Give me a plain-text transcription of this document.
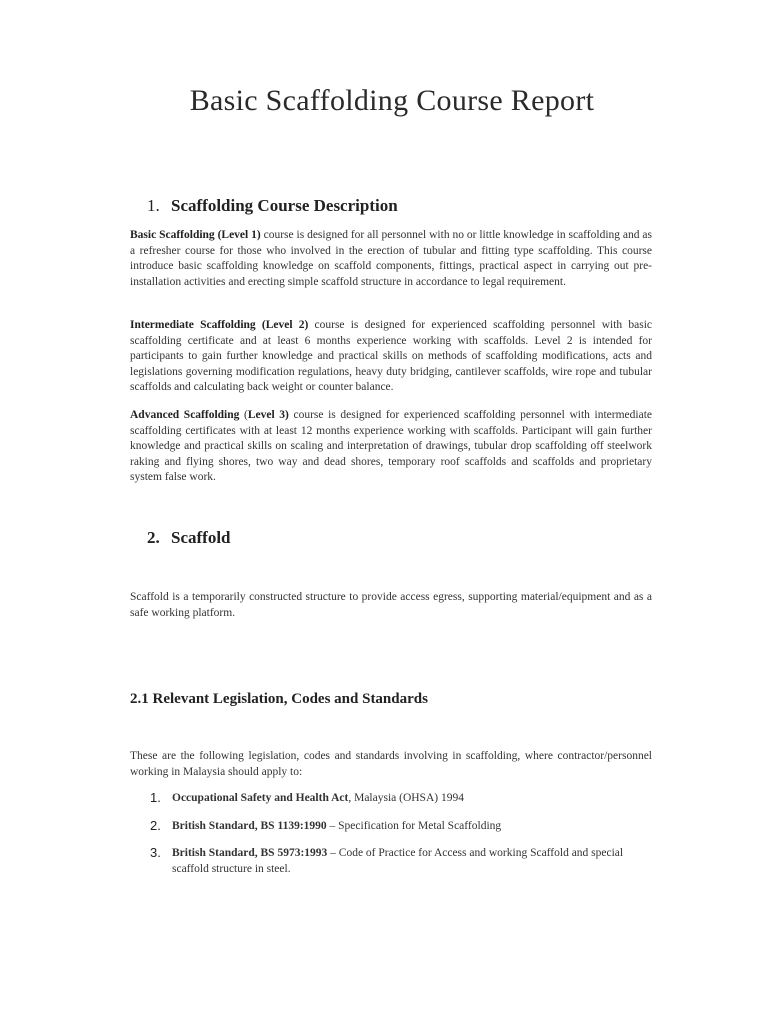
Basic Scaffolding Course Report
1. Scaffolding Course Description

Basic Scaffolding (Level 1) course is designed for all personnel with no or little knowledge in scaffolding and as a refresher course for those who involved in the erection of tubular and fitting type scaffolding. This course introduce basic scaffolding knowledge on scaffold components, fittings, practical aspect in carrying out pre-installation activities and erecting simple scaffold structure in accordance to legal requirement.

Intermediate Scaffolding (Level 2) course is designed for experienced scaffolding personnel with basic scaffolding certificate and at least 6 months experience working with scaffolds. Level 2 is intended for participants to gain further knowledge and practical skills on methods of scaffolding modifications, acts and legislations governing modification regulations, heavy duty bridging, cantilever scaffolds, wire rope and tubular scaffolds and calculating back weight or counter balance.

Advanced Scaffolding (Level 3) course is designed for experienced scaffolding personnel with intermediate scaffolding certificates with at least 12 months experience working with scaffolds. Participant will gain further knowledge and practical skills on scaling and interpretation of drawings, tubular drop scaffolding off steelwork raking and flying shores, two way and dead shores, temporary roof scaffolds and scaffolds and proprietary system false work.

2. Scaffold

Scaffold is a temporarily constructed structure to provide access egress, supporting material/equipment and as a safe working platform.

2.1 Relevant Legislation, Codes and Standards

These are the following legislation, codes and standards involving in scaffolding, where contractor/personnel working in Malaysia should apply to:

1. Occupational Safety and Health Act, Malaysia (OHSA) 1994
2. British Standard, BS 1139:1990 – Specification for Metal Scaffolding
3. British Standard, BS 5973:1993 – Code of Practice for Access and working Scaffold and special scaffold structure in steel.
